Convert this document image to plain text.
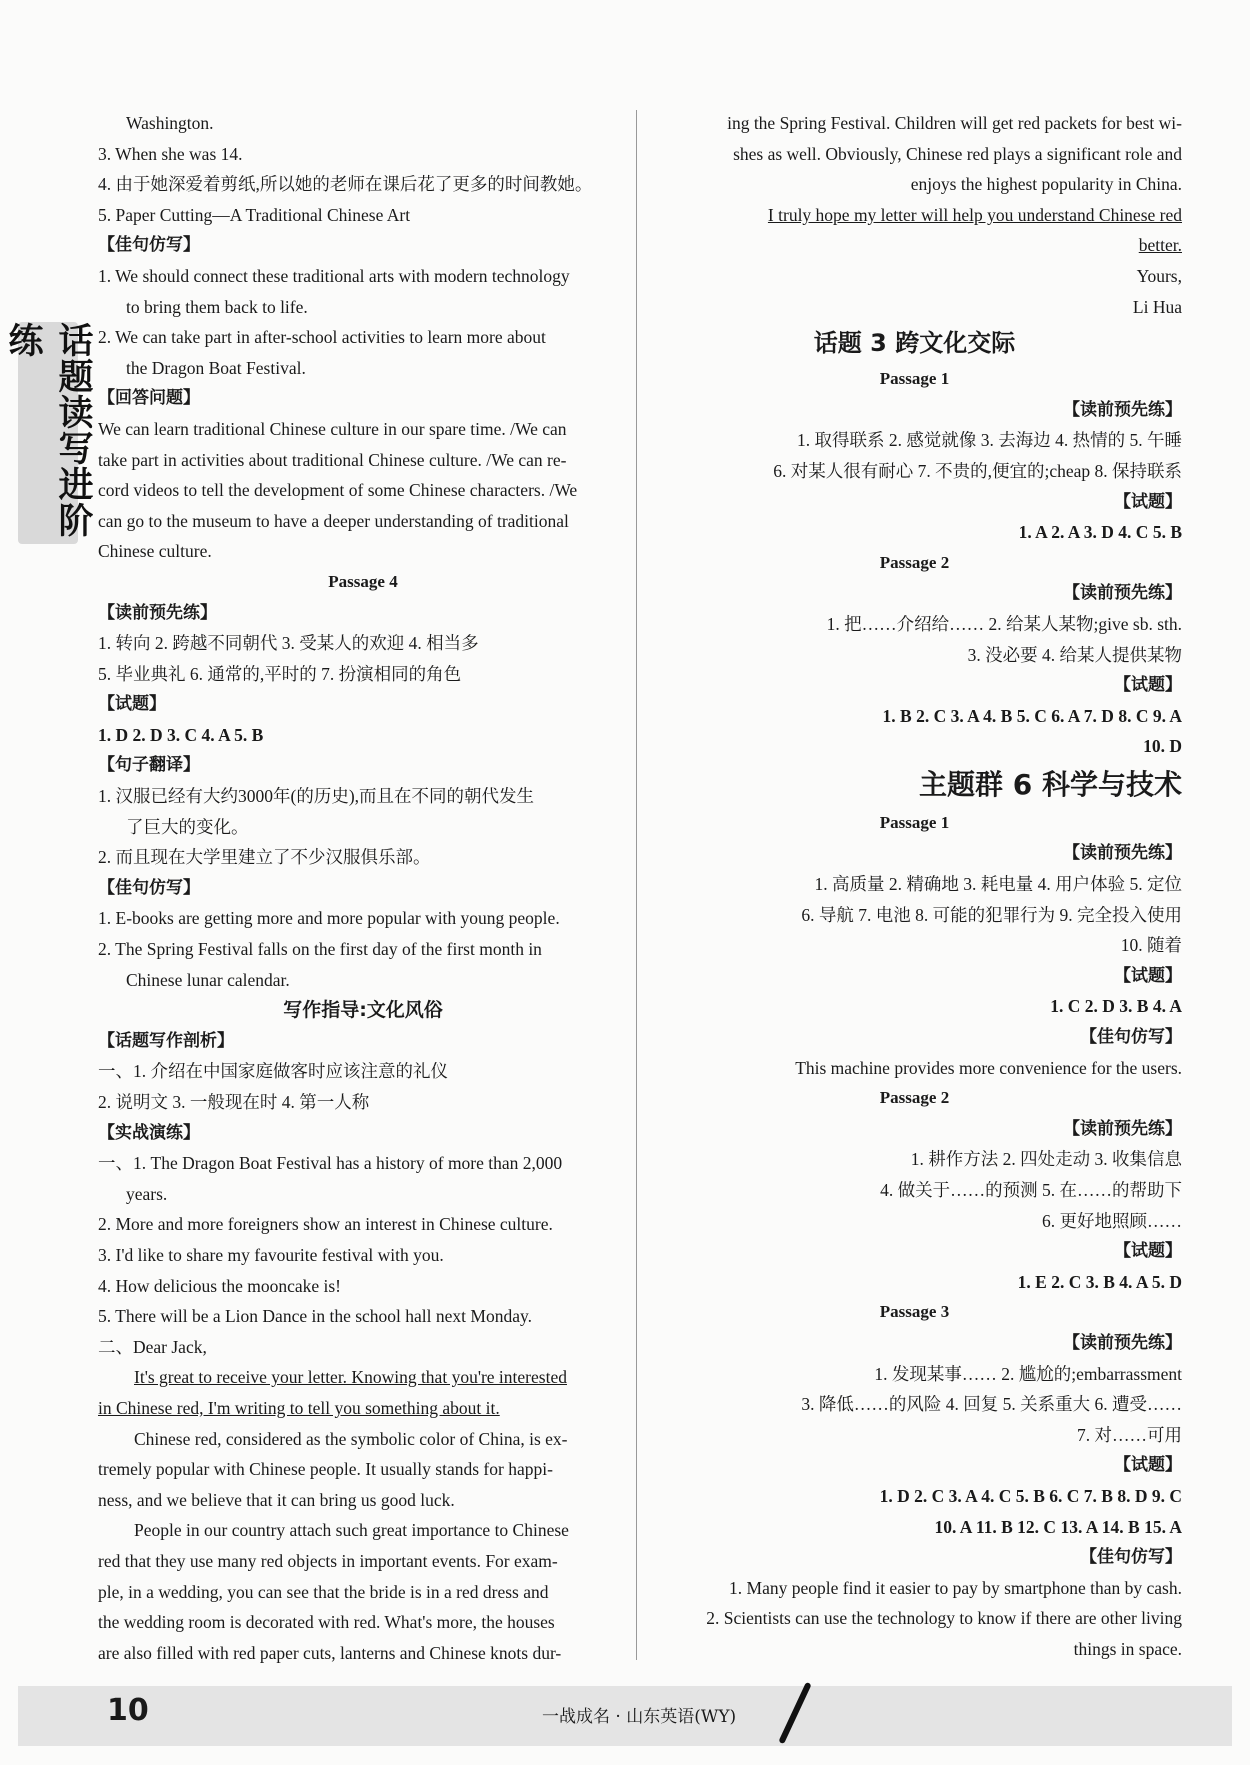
话题读写进阶练
Washington.
3. When she was 14.
4. 由于她深爱着剪纸,所以她的老师在课后花了更多的时间教她。
5. Paper Cutting—A Traditional Chinese Art
【佳句仿写】
1. We should connect these traditional arts with modern technology
to bring them back to life.
2. We can take part in after-school activities to learn more about
the Dragon Boat Festival.
【回答问题】
We can learn traditional Chinese culture in our spare time. /We can
take part in activities about traditional Chinese culture. /We can re-
cord videos to tell the development of some Chinese characters. /We
can go to the museum to have a deeper understanding of traditional
Chinese culture.
Passage 4
【读前预先练】
1. 转向 2. 跨越不同朝代 3. 受某人的欢迎 4. 相当多
5. 毕业典礼 6. 通常的,平时的 7. 扮演相同的角色
【试题】
1. D 2. D 3. C 4. A 5. B
【句子翻译】
1. 汉服已经有大约3000年(的历史),而且在不同的朝代发生
了巨大的变化。
2. 而且现在大学里建立了不少汉服俱乐部。
【佳句仿写】
1. E-books are getting more and more popular with young people.
2. The Spring Festival falls on the first day of the first month in
Chinese lunar calendar.
写作指导:文化风俗
【话题写作剖析】
一、1. 介绍在中国家庭做客时应该注意的礼仪
2. 说明文 3. 一般现在时 4. 第一人称
【实战演练】
一、1. The Dragon Boat Festival has a history of more than 2,000
years.
2. More and more foreigners show an interest in Chinese culture.
3. I'd like to share my favourite festival with you.
4. How delicious the mooncake is!
5. There will be a Lion Dance in the school hall next Monday.
二、Dear Jack,
It's great to receive your letter. Knowing that you're interested
in Chinese red, I'm writing to tell you something about it.
Chinese red, considered as the symbolic color of China, is ex-
tremely popular with Chinese people. It usually stands for happi-
ness, and we believe that it can bring us good luck.
People in our country attach such great importance to Chinese
red that they use many red objects in important events. For exam-
ple, in a wedding, you can see that the bride is in a red dress and
the wedding room is decorated with red. What's more, the houses
are also filled with red paper cuts, lanterns and Chinese knots dur-
ing the Spring Festival. Children will get red packets for best wi-
shes as well. Obviously, Chinese red plays a significant role and
enjoys the highest popularity in China.
I truly hope my letter will help you understand Chinese red
better.
Yours,
Li Hua
话题 3 跨文化交际
Passage 1
【读前预先练】
1. 取得联系 2. 感觉就像 3. 去海边 4. 热情的 5. 午睡
6. 对某人很有耐心 7. 不贵的,便宜的;cheap 8. 保持联系
【试题】
1. A 2. A 3. D 4. C 5. B
Passage 2
【读前预先练】
1. 把……介绍给…… 2. 给某人某物;give sb. sth.
3. 没必要 4. 给某人提供某物
【试题】
1. B 2. C 3. A 4. B 5. C 6. A 7. D 8. C 9. A
10. D
主题群 6 科学与技术
Passage 1
【读前预先练】
1. 高质量 2. 精确地 3. 耗电量 4. 用户体验 5. 定位
6. 导航 7. 电池 8. 可能的犯罪行为 9. 完全投入使用
10. 随着
【试题】
1. C 2. D 3. B 4. A
【佳句仿写】
This machine provides more convenience for the users.
Passage 2
【读前预先练】
1. 耕作方法 2. 四处走动 3. 收集信息
4. 做关于……的预测 5. 在……的帮助下
6. 更好地照顾……
【试题】
1. E 2. C 3. B 4. A 5. D
Passage 3
【读前预先练】
1. 发现某事…… 2. 尴尬的;embarrassment
3. 降低……的风险 4. 回复 5. 关系重大 6. 遭受……
7. 对……可用
【试题】
1. D 2. C 3. A 4. C 5. B 6. C 7. B 8. D 9. C
10. A 11. B 12. C 13. A 14. B 15. A
【佳句仿写】
1. Many people find it easier to pay by smartphone than by cash.
2. Scientists can use the technology to know if there are other living
things in space.
10	一战成名 · 山东英语(WY)
